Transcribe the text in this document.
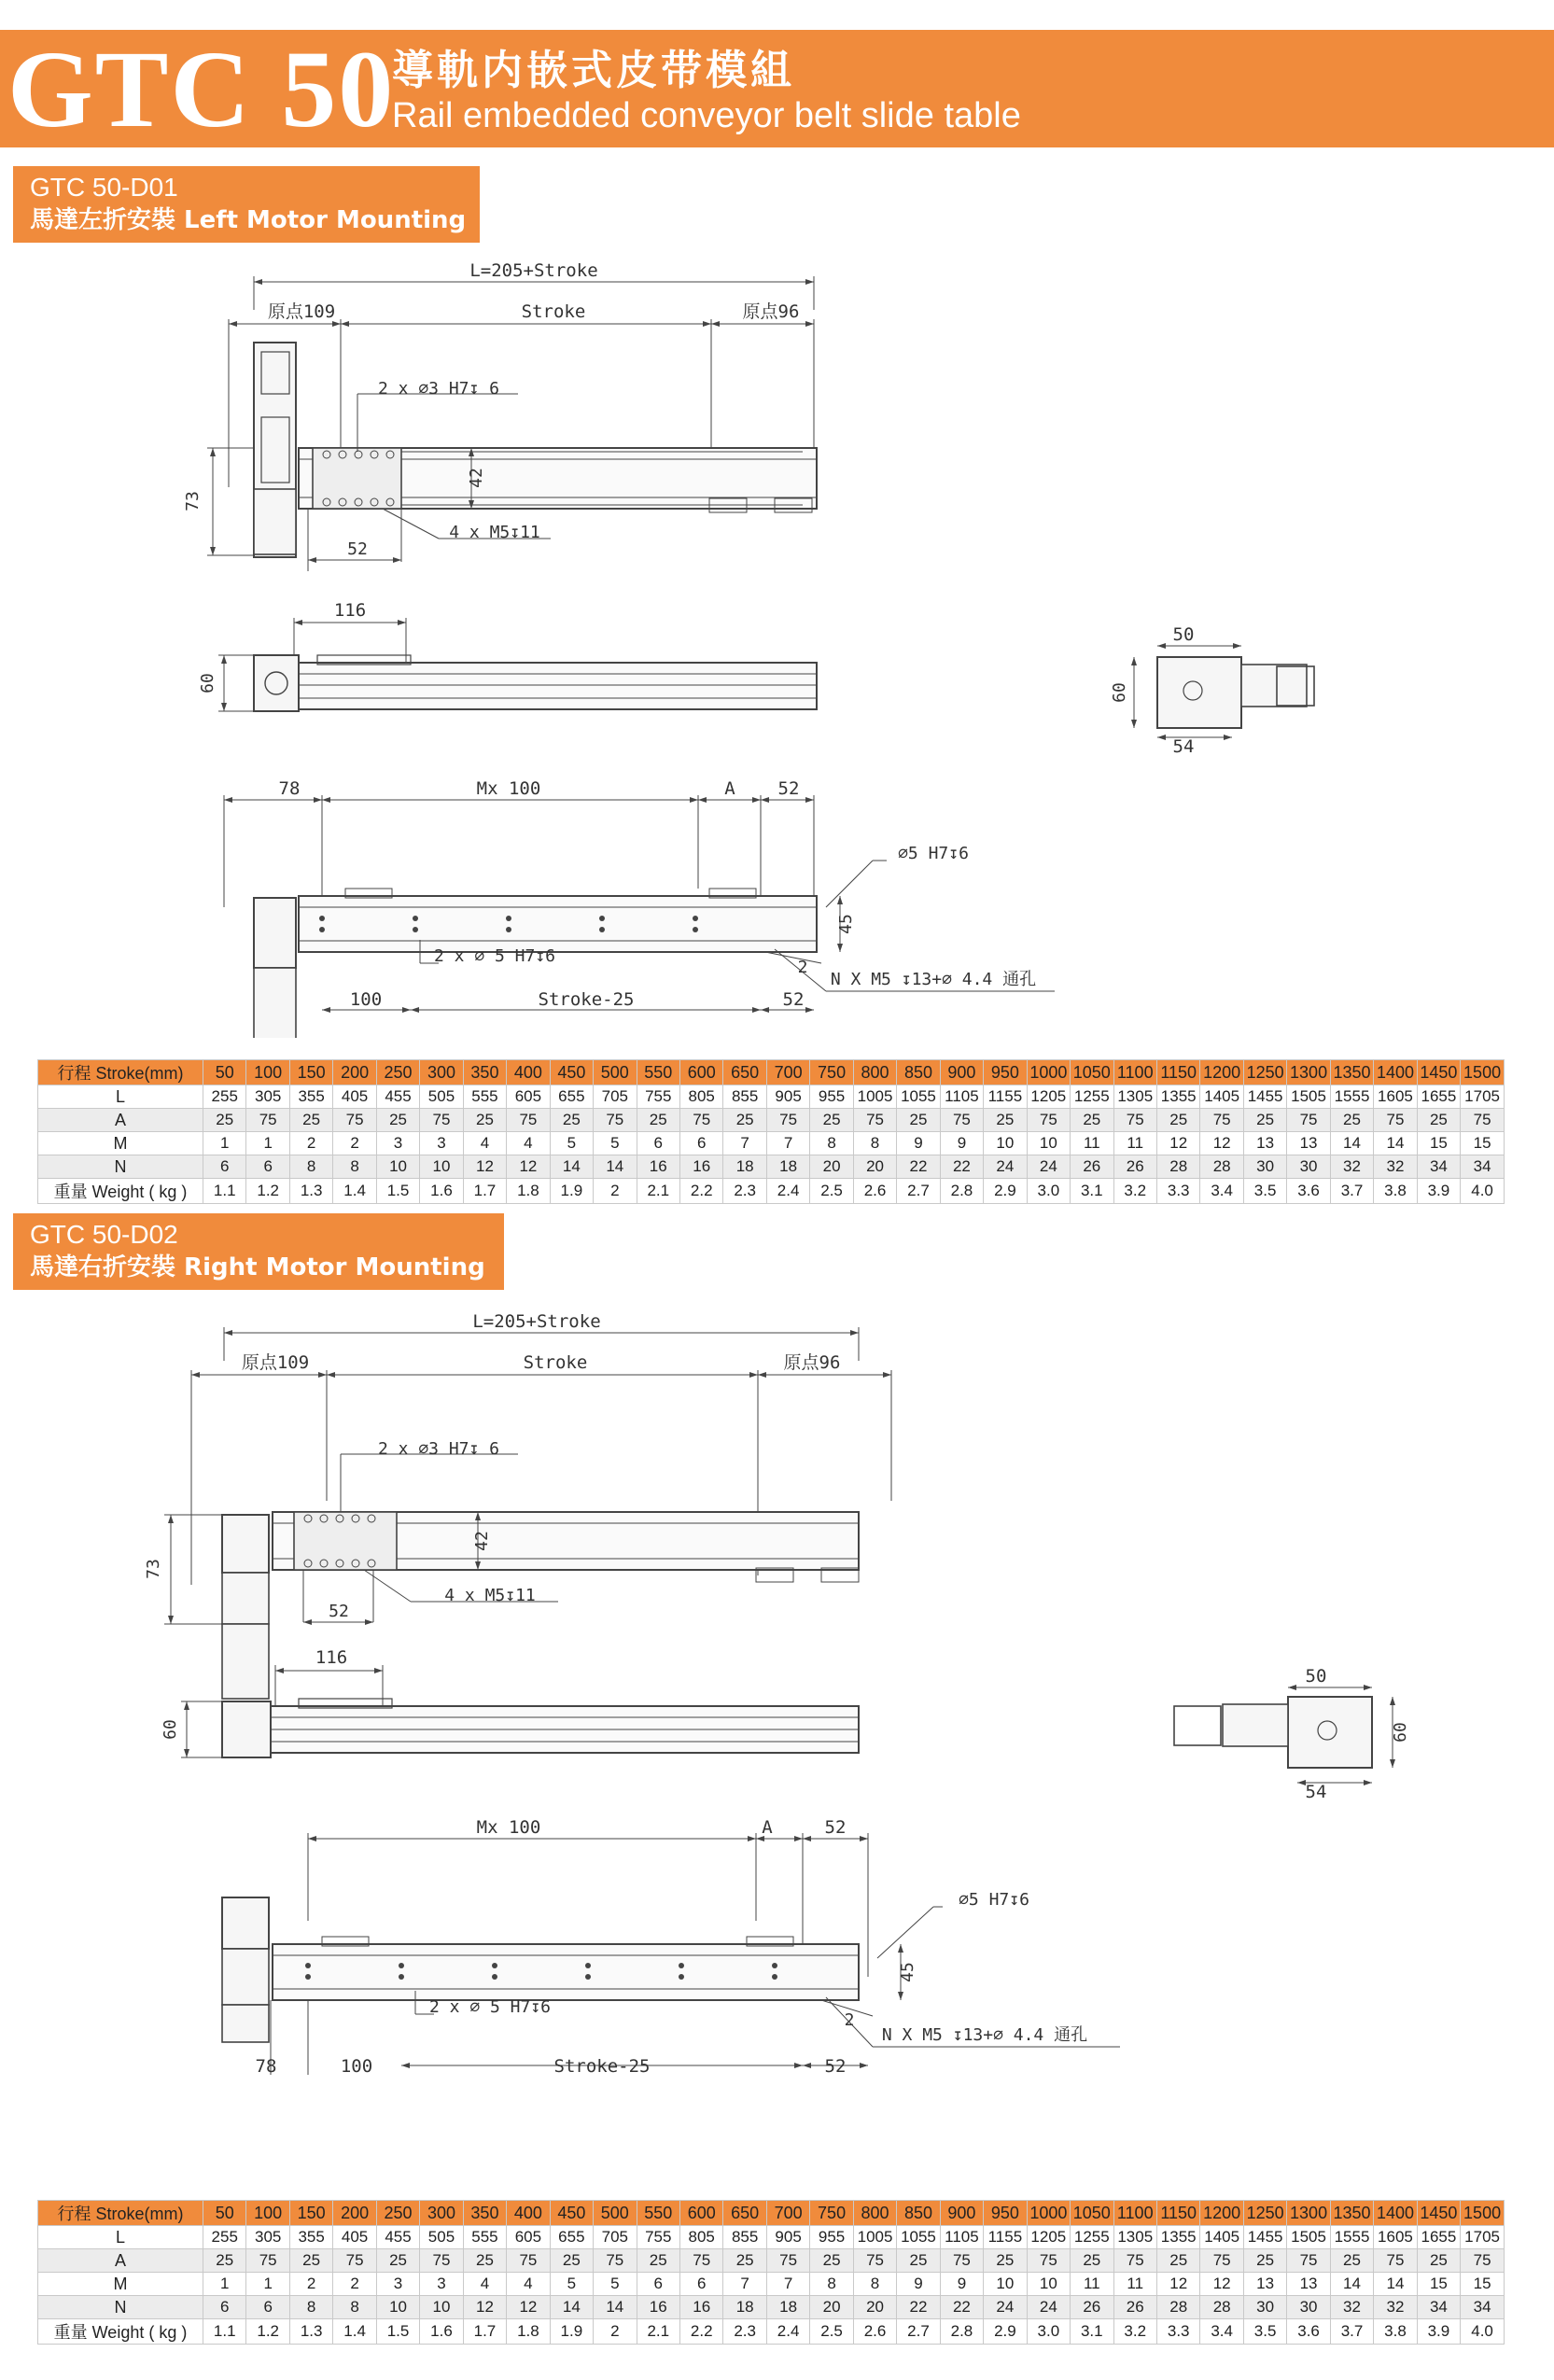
GTC 50
導軌内嵌式皮带模組
Rail embedded conveyor belt slide table
GTC 50-D01
馬達左折安裝 Left Motor Mounting
L=205+Stroke
原点109	Stroke	原点96
2 x ∅3 H7↧ 6
42
73
4 x M5↧11
52
116
60
50
60
54
78	Mx 100	A 52
∅5 H7↧6
45
2 x ∅ 5 H7↧6
2
N X M5 ↧13+∅ 4.4 通孔
100	Stroke-25	52
行程 Stroke(mm)	50	100	150	200	250	300	350	400	450	500	550	600	650	700	750	800	850	900	950	1000	1050	1100	1150	1200	1250	1300	1350	1400	1450	1500
L	255	305	355	405	455	505	555	605	655	705	755	805	855	905	955	1005	1055	1105	1155	1205	1255	1305	1355	1405	1455	1505	1555	1605	1655	1705
A	25	75	25	75	25	75	25	75	25	75	25	75	25	75	25	75	25	75	25	75	25	75	25	75	25	75	25	75	25	75
M	1	1	2	2	3	3	4	4	5	5	6	6	7	7	8	8	9	9	10	10	11	11	12	12	13	13	14	14	15	15
N	6	6	8	8	10	10	12	12	14	14	16	16	18	18	20	20	22	22	24	24	26	26	28	28	30	30	32	32	34	34
重量 Weight ( kg )	1.1	1.2	1.3	1.4	1.5	1.6	1.7	1.8	1.9	2	2.1	2.2	2.3	2.4	2.5	2.6	2.7	2.8	2.9	3.0	3.1	3.2	3.3	3.4	3.5	3.6	3.7	3.8	3.9	4.0
GTC 50-D02
馬達右折安裝 Right Motor Mounting
L=205+Stroke
原点109	Stroke	原点96
2 x ∅3 H7↧ 6
42
73
4 x M5↧11
52
116
60
50
60
54
Mx 100	A	52
∅5 H7↧6
45
2 x ∅ 5 H7↧6
2
N X M5 ↧13+∅ 4.4 通孔
78	100	Stroke-25	52
行程 Stroke(mm)	50	100	150	200	250	300	350	400	450	500	550	600	650	700	750	800	850	900	950	1000	1050	1100	1150	1200	1250	1300	1350	1400	1450	1500
L	255	305	355	405	455	505	555	605	655	705	755	805	855	905	955	1005	1055	1105	1155	1205	1255	1305	1355	1405	1455	1505	1555	1605	1655	1705
A	25	75	25	75	25	75	25	75	25	75	25	75	25	75	25	75	25	75	25	75	25	75	25	75	25	75	25	75	25	75
M	1	1	2	2	3	3	4	4	5	5	6	6	7	7	8	8	9	9	10	10	11	11	12	12	13	13	14	14	15	15
N	6	6	8	8	10	10	12	12	14	14	16	16	18	18	20	20	22	22	24	24	26	26	28	28	30	30	32	32	34	34
重量 Weight ( kg )	1.1	1.2	1.3	1.4	1.5	1.6	1.7	1.8	1.9	2	2.1	2.2	2.3	2.4	2.5	2.6	2.7	2.8	2.9	3.0	3.1	3.2	3.3	3.4	3.5	3.6	3.7	3.8	3.9	4.0
